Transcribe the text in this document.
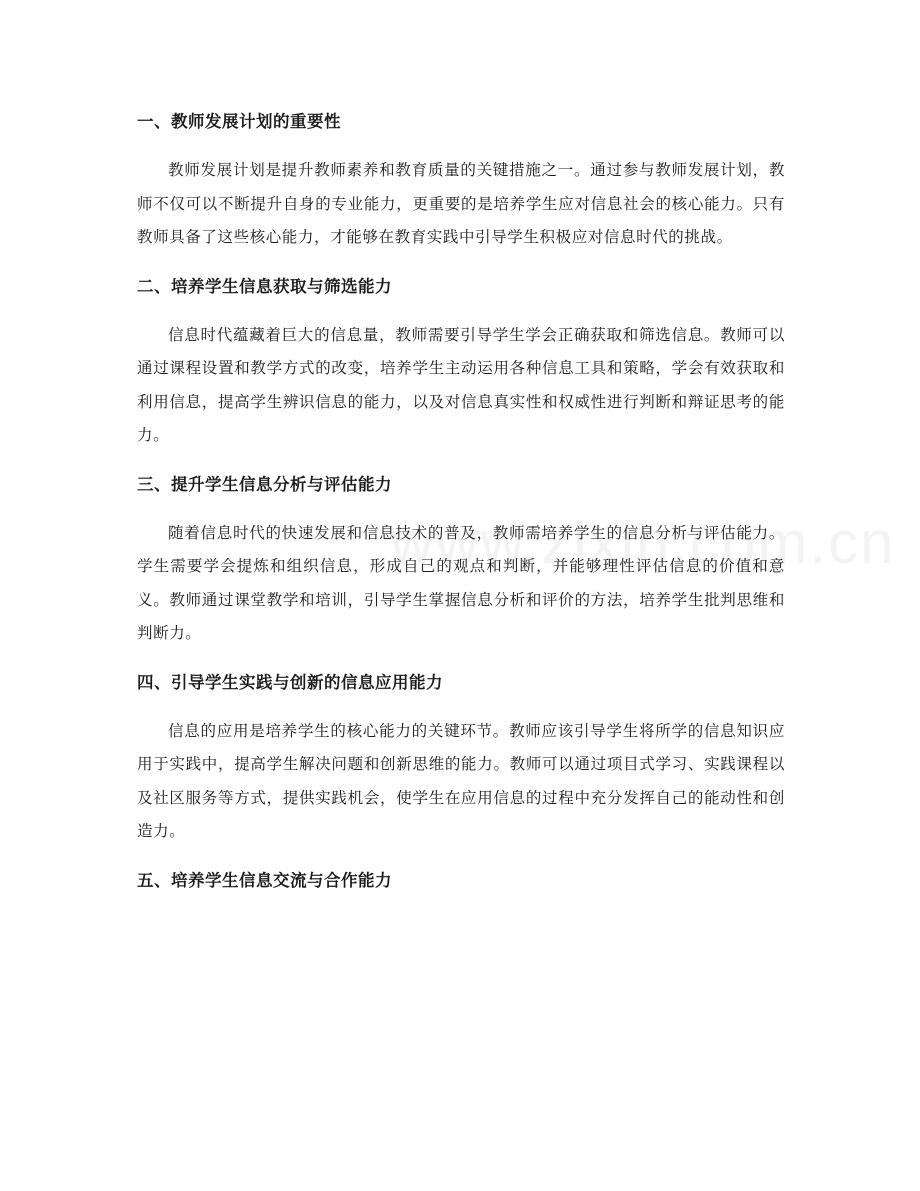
一、教师发展计划的重要性

教师发展计划是提升教师素养和教育质量的关键措施之一。通过参与教师发展计划，教师不仅可以不断提升自身的专业能力，更重要的是培养学生应对信息社会的核心能力。只有教师具备了这些核心能力，才能够在教育实践中引导学生积极应对信息时代的挑战。

二、培养学生信息获取与筛选能力

信息时代蕴藏着巨大的信息量，教师需要引导学生学会正确获取和筛选信息。教师可以通过课程设置和教学方式的改变，培养学生主动运用各种信息工具和策略，学会有效获取和利用信息，提高学生辨识信息的能力，以及对信息真实性和权威性进行判断和辩证思考的能力。

三、提升学生信息分析与评估能力

随着信息时代的快速发展和信息技术的普及，教师需培养学生的信息分析与评估能力。学生需要学会提炼和组织信息，形成自己的观点和判断，并能够理性评估信息的价值和意义。教师通过课堂教学和培训，引导学生掌握信息分析和评价的方法，培养学生批判思维和判断力。

四、引导学生实践与创新的信息应用能力

信息的应用是培养学生的核心能力的关键环节。教师应该引导学生将所学的信息知识应用于实践中，提高学生解决问题和创新思维的能力。教师可以通过项目式学习、实践课程以及社区服务等方式，提供实践机会，使学生在应用信息的过程中充分发挥自己的能动性和创造力。

五、培养学生信息交流与合作能力
